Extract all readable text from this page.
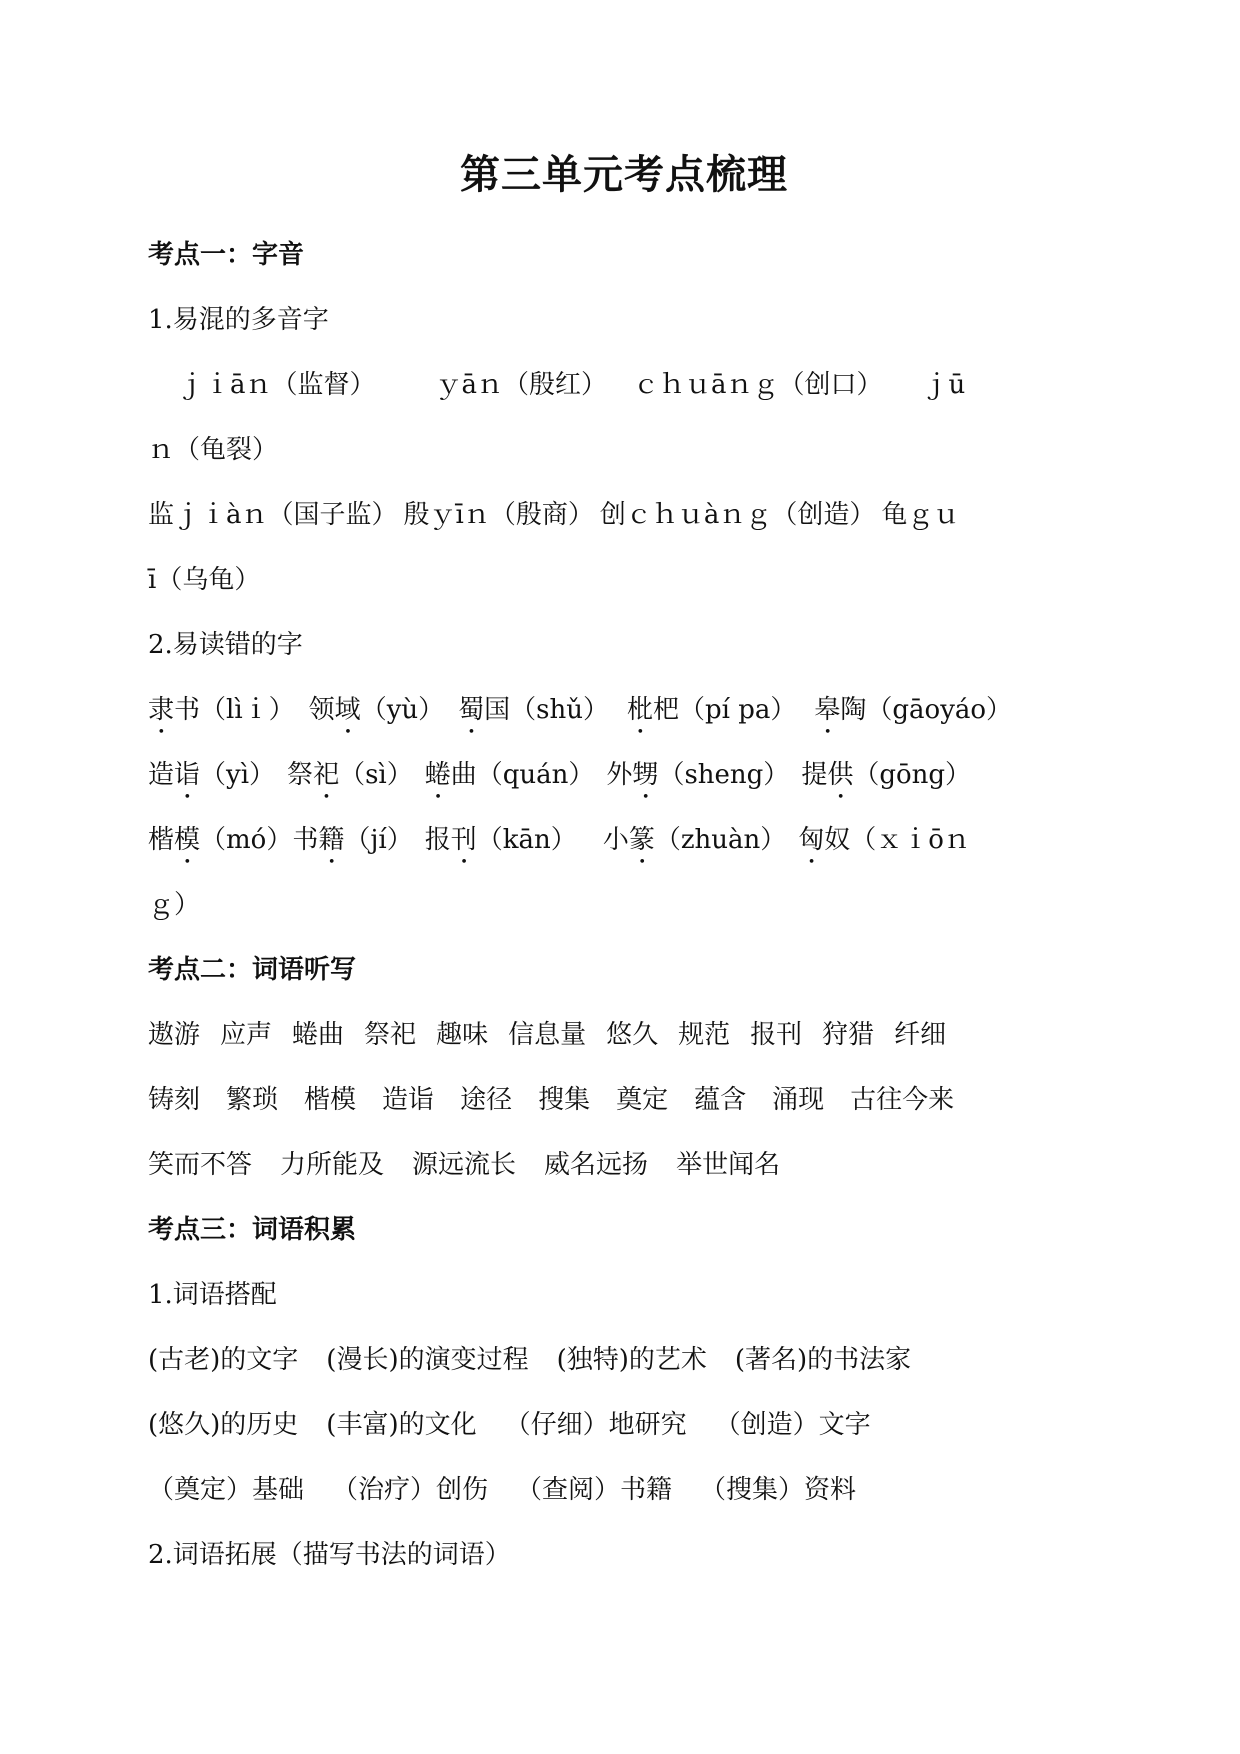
第三单元考点梳理
考点一：字音
1.易混的多音字
ｊｉāｎ（监督） ｙāｎ（殷红） ｃｈｕāｎｇ（创口） ｊū
ｎ（龟裂）
监ｊｉàｎ（国子监） 殷ｙīｎ（殷商） 创ｃｈｕàｎｇ（创造） 龟ｇｕ
ī（乌龟）
2.易读错的字
隶书（lìｉ） 领域（yù） 蜀国（shǔ） 枇杷（pí pa） 皋陶（gāoyáo）
造诣（yì） 祭祀（sì） 蜷曲（quán） 外甥（sheng） 提供（gōng）
楷模（mó）书籍（jí） 报刊（kān） 小篆（zhuàn） 匈奴（ｘｉōｎ
ｇ）
考点二：词语听写
遨游 应声 蜷曲 祭祀 趣味 信息量 悠久 规范 报刊 狩猎 纤细
铸刻 繁琐 楷模 造诣 途径 搜集 奠定 蕴含 涌现 古往今来
笑而不答 力所能及 源远流长 威名远扬 举世闻名
考点三：词语积累
1.词语搭配
(古老)的文字 (漫长)的演变过程 (独特)的艺术 (著名)的书法家
(悠久)的历史 (丰富)的文化 （仔细）地研究 （创造）文字
（奠定）基础 （治疗）创伤 （查阅）书籍 （搜集）资料
2.词语拓展（描写书法的词语）
